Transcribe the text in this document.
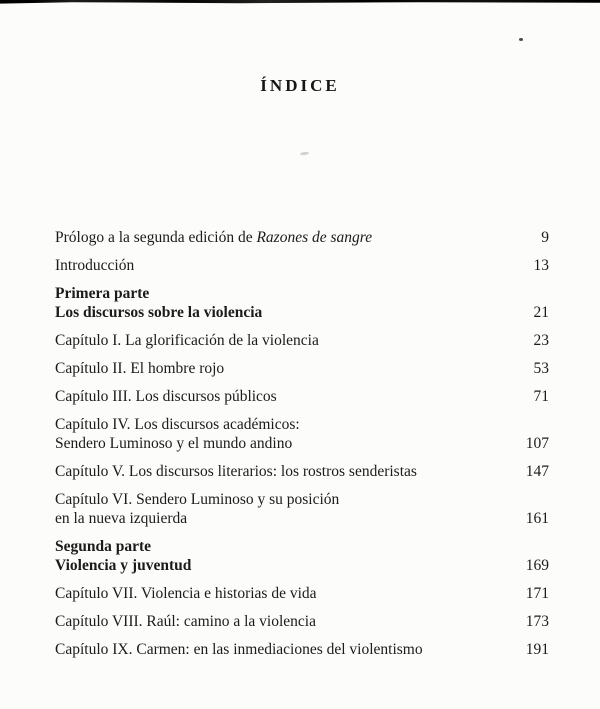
ÍNDICE
Prólogo a la segunda edición de Razones de sangre	9
Introducción	13
Primera parte
Los discursos sobre la violencia	21
Capítulo I. La glorificación de la violencia	23
Capítulo II. El hombre rojo	53
Capítulo III. Los discursos públicos	71
Capítulo IV. Los discursos académicos:
Sendero Luminoso y el mundo andino	107
Capítulo V. Los discursos literarios: los rostros senderistas	147
Capítulo VI. Sendero Luminoso y su posición
en la nueva izquierda	161
Segunda parte
Violencia y juventud	169
Capítulo VII. Violencia e historias de vida	171
Capítulo VIII. Raúl: camino a la violencia	173
Capítulo IX. Carmen: en las inmediaciones del violentismo	191
